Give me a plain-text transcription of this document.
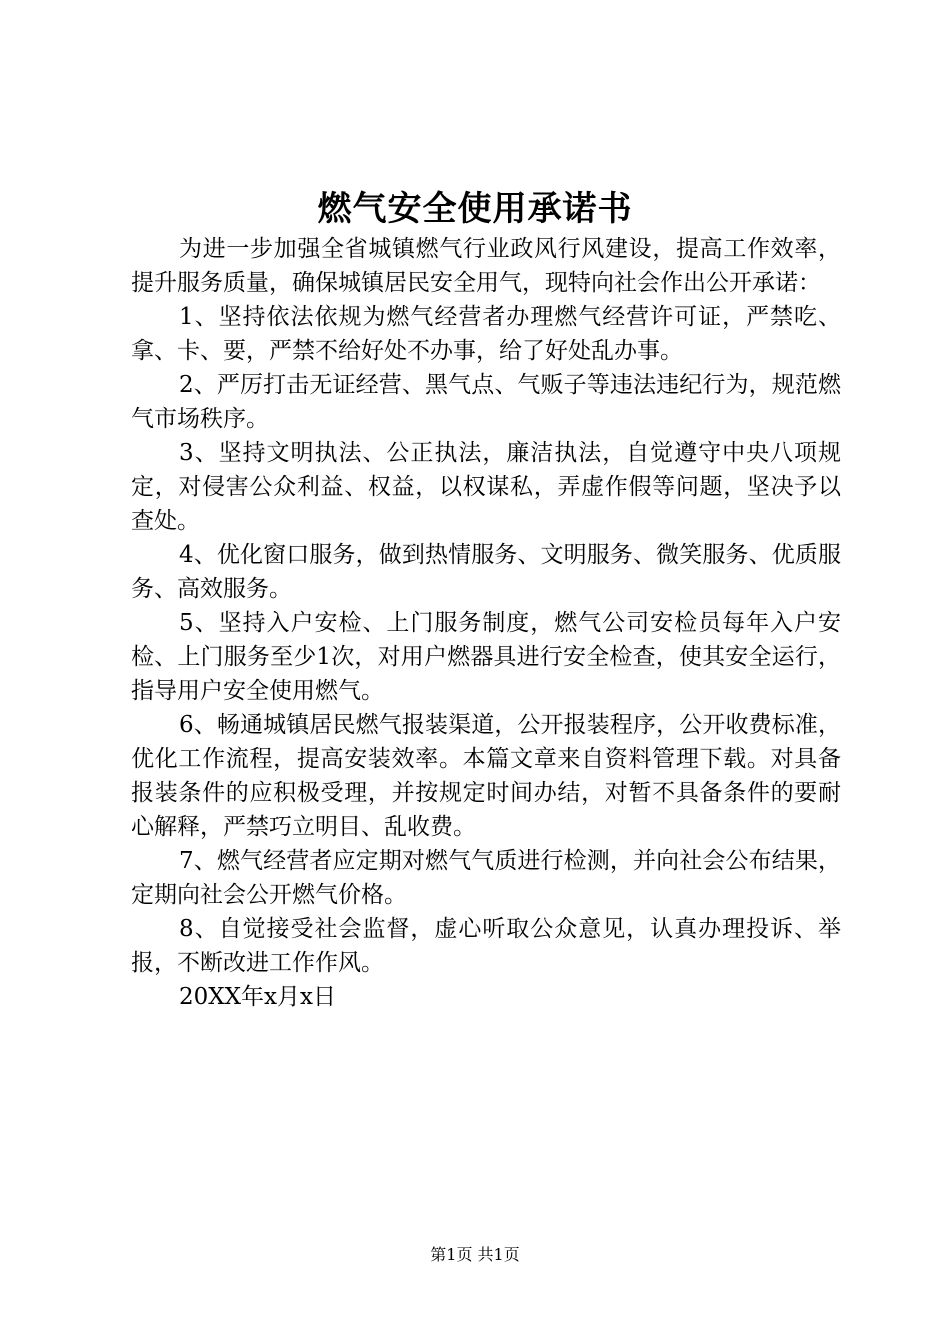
燃气安全使用承诺书

为进一步加强全省城镇燃气行业政风行风建设，提高工作效率，提升服务质量，确保城镇居民安全用气，现特向社会作出公开承诺：

1、坚持依法依规为燃气经营者办理燃气经营许可证，严禁吃、拿、卡、要，严禁不给好处不办事，给了好处乱办事。

2、严厉打击无证经营、黑气点、气贩子等违法违纪行为，规范燃气市场秩序。

3、坚持文明执法、公正执法，廉洁执法，自觉遵守中央八项规定，对侵害公众利益、权益，以权谋私，弄虚作假等问题，坚决予以查处。

4、优化窗口服务，做到热情服务、文明服务、微笑服务、优质服务、高效服务。

5、坚持入户安检、上门服务制度，燃气公司安检员每年入户安检、上门服务至少1次，对用户燃器具进行安全检查，使其安全运行，指导用户安全使用燃气。

6、畅通城镇居民燃气报装渠道，公开报装程序，公开收费标准，优化工作流程，提高安装效率。本篇文章来自资料管理下载。对具备报装条件的应积极受理，并按规定时间办结，对暂不具备条件的要耐心解释，严禁巧立明目、乱收费。

7、燃气经营者应定期对燃气气质进行检测，并向社会公布结果，定期向社会公开燃气价格。

8、自觉接受社会监督，虚心听取公众意见，认真办理投诉、举报，不断改进工作作风。

20XX年x月x日

第1页 共1页
